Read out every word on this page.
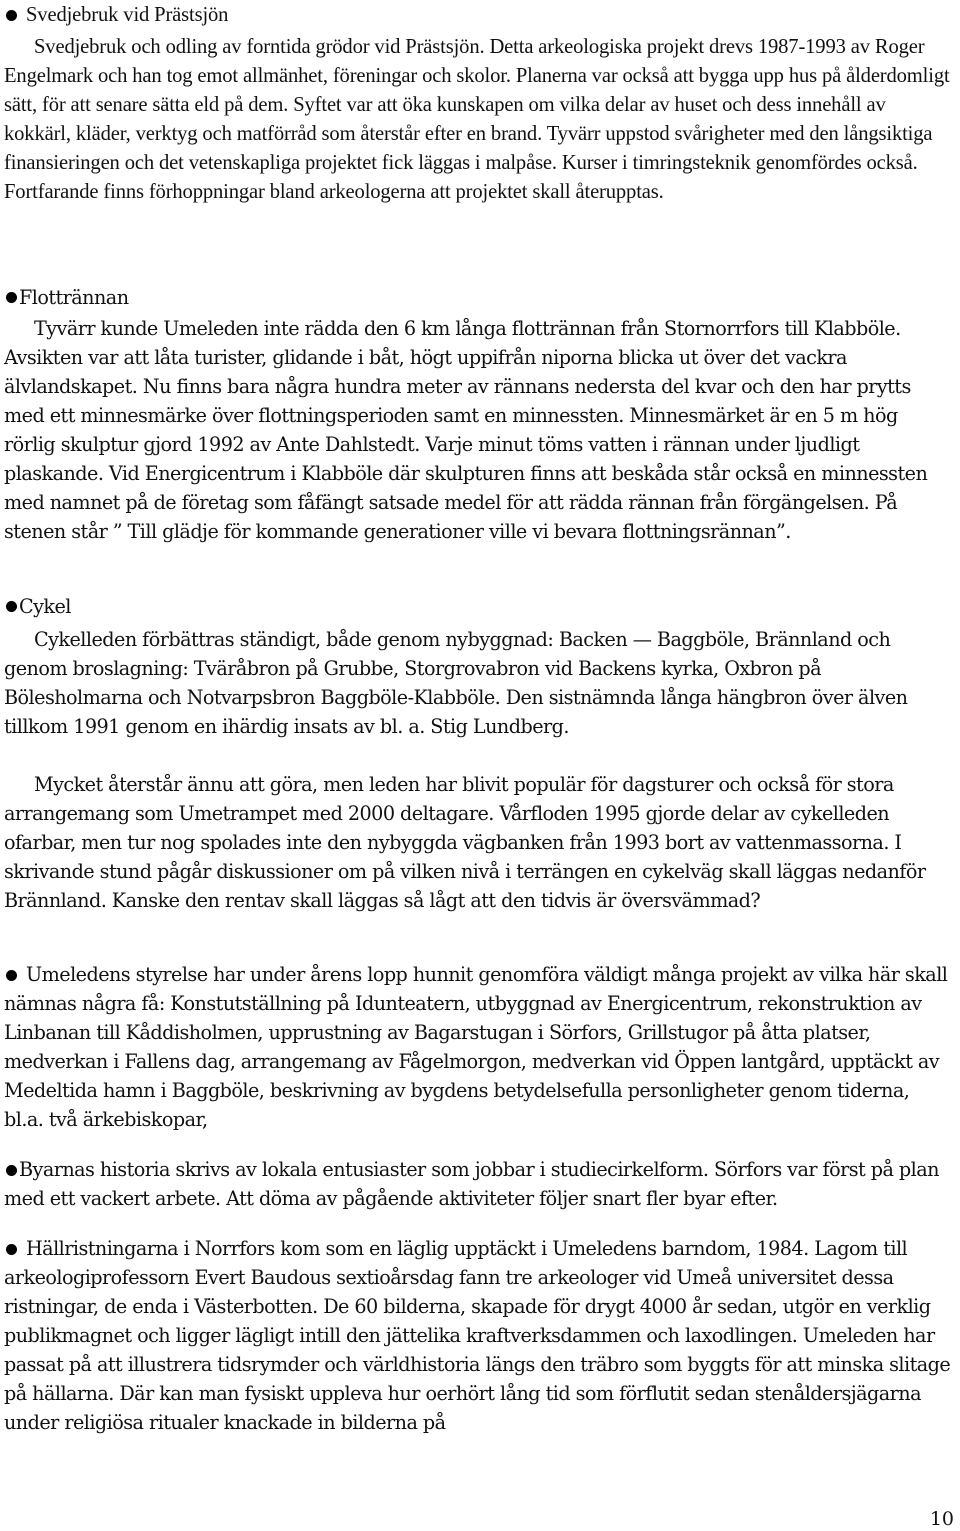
Svedjebruk vid Prästsjön

Svedjebruk och odling av forntida grödor vid Prästsjön. Detta arkeologiska projekt drevs 1987-1993 av Roger Engelmark och han tog emot allmänhet, föreningar och skolor. Planerna var också att bygga upp hus på ålderdomligt sätt, för att senare sätta eld på dem. Syftet var att öka kunskapen om vilka delar av huset och dess innehåll av kokkärl, kläder, verktyg och matförråd som återstår efter en brand. Tyvärr uppstod svårigheter med den långsiktiga finansieringen och det vetenskapliga projektet fick läggas i malpåse. Kurser i timringsteknik genomfördes också. Fortfarande finns förhoppningar bland arkeologerna att projektet skall återupptas.

Flottrännan

Tyvärr kunde Umeleden inte rädda den 6 km långa flottrännan från Stornorrfors till Klabböle. Avsikten var att låta turister, glidande i båt, högt uppifrån niporna blicka ut över det vackra älvlandskapet. Nu finns bara några hundra meter av rännans nedersta del kvar och den har prytts med ett minnesmärke över flottningsperioden samt en minnessten. Minnesmärket är en 5 m hög rörlig skulptur gjord 1992 av Ante Dahlstedt. Varje minut töms vatten i rännan under ljudligt plaskande. Vid Energicentrum i Klabböle där skulpturen finns att beskåda står också en minnessten med namnet på de företag som fåfängt satsade medel för att rädda rännan från förgängelsen. På stenen står ” Till glädje för kommande generationer ville vi bevara flottningsrännan”.

Cykel

Cykelleden förbättras ständigt, både genom nybyggnad: Backen — Baggböle, Brännland och genom broslagning: Tväråbron på Grubbe, Storgrovabron vid Backens kyrka, Oxbron på Bölesholmarna och Notvarpsbron Baggböle-Klabböle. Den sistnämnda långa hängbron över älven tillkom 1991 genom en ihärdig insats av bl. a. Stig Lundberg.

Mycket återstår ännu att göra, men leden har blivit populär för dagsturer och också för stora arrangemang som Umetrampet med 2000 deltagare. Vårfloden 1995 gjorde delar av cykelleden ofarbar, men tur nog spolades inte den nybyggda vägbanken från 1993 bort av vattenmassorna. I skrivande stund pågår diskussioner om på vilken nivå i terrängen en cykelväg skall läggas nedanför Brännland. Kanske den rentav skall läggas så lågt att den tidvis är översvämmad?

Umeledens styrelse har under årens lopp hunnit genomföra väldigt många projekt av vilka här skall nämnas några få: Konstutställning på Idunteatern, utbyggnad av Energicentrum, rekonstruktion av Linbanan till Kåddisholmen, upprustning av Bagarstugan i Sörfors, Grillstugor på åtta platser, medverkan i Fallens dag, arrangemang av Fågelmorgon, medverkan vid Öppen lantgård, upptäckt av Medeltida hamn i Baggböle, beskrivning av bygdens betydelsefulla personligheter genom tiderna, bl.a. två ärkebiskopar,

Byarnas historia skrivs av lokala entusiaster som jobbar i studiecirkelform. Sörfors var först på plan med ett vackert arbete. Att döma av pågående aktiviteter följer snart fler byar efter.

Hällristningarna i Norrfors kom som en läglig upptäckt i Umeledens barndom, 1984. Lagom till arkeologiprofessorn Evert Baudous sextioårsdag fann tre arkeologer vid Umeå universitet dessa ristningar, de enda i Västerbotten. De 60 bilderna, skapade för drygt 4000 år sedan, utgör en verklig publikmagnet och ligger lägligt intill den jättelika kraftverksdammen och laxodlingen. Umeleden har passat på att illustrera tidsrymder och världhistoria längs den träbro som byggts för att minska slitage på hällarna. Där kan man fysiskt uppleva hur oerhört lång tid som förflutit sedan stenåldersjägarna under religiösa ritualer knackade in bilderna på

10
